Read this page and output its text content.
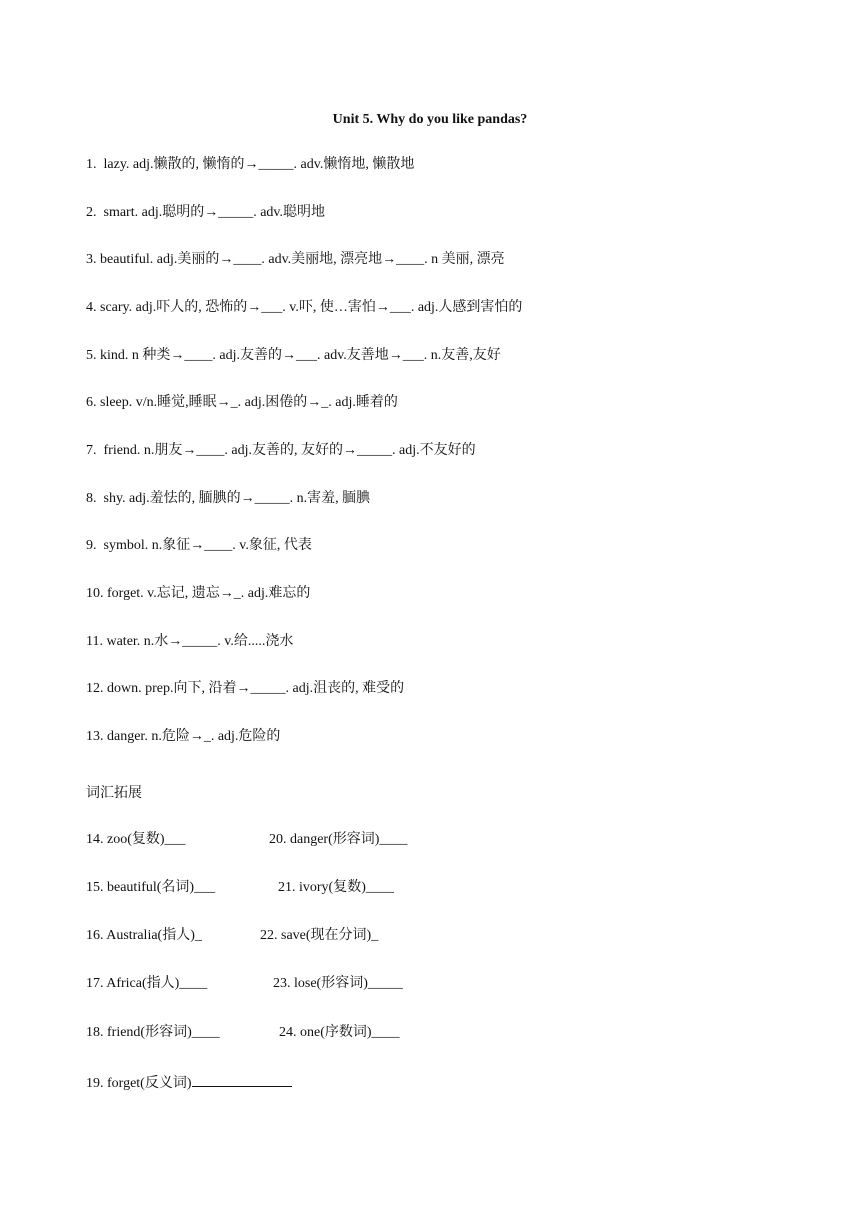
Unit 5. Why do you like pandas?
1.  lazy. adj.懒散的, 懒惰的→_____. adv.懒惰地, 懒散地
2.  smart. adj.聪明的→_____. adv.聪明地
3. beautiful. adj.美丽的→____. adv.美丽地, 漂亮地→____. n 美丽, 漂亮
4. scary. adj.吓人的, 恐怖的→___. v.吓, 使…害怕→___. adj.人感到害怕的
5. kind. n 种类→____. adj.友善的→___. adv.友善地→___. n.友善,友好
6. sleep. v/n.睡觉,睡眠→_. adj.困倦的→_. adj.睡着的
7.  friend. n.朋友→____. adj.友善的, 友好的→_____. adj.不友好的
8.  shy. adj.羞怯的, 腼腆的→_____. n.害羞, 腼腆
9.  symbol. n.象征→____. v.象征, 代表
10. forget. v.忘记, 遗忘→_. adj.难忘的
11. water. n.水→_____. v.给.....浇水
12. down. prep.向下, 沿着→_____. adj.沮丧的, 难受的
13. danger. n.危险→_. adj.危险的
词汇拓展
14. zoo(复数)___	20. danger(形容词)____
15. beautiful(名词)___	21. ivory(复数)____
16. Australia(指人)_	22. save(现在分词)_
17. Africa(指人)____	23. lose(形容词)_____
18. friend(形容词)____	24. one(序数词)____
19. forget(反义词)
